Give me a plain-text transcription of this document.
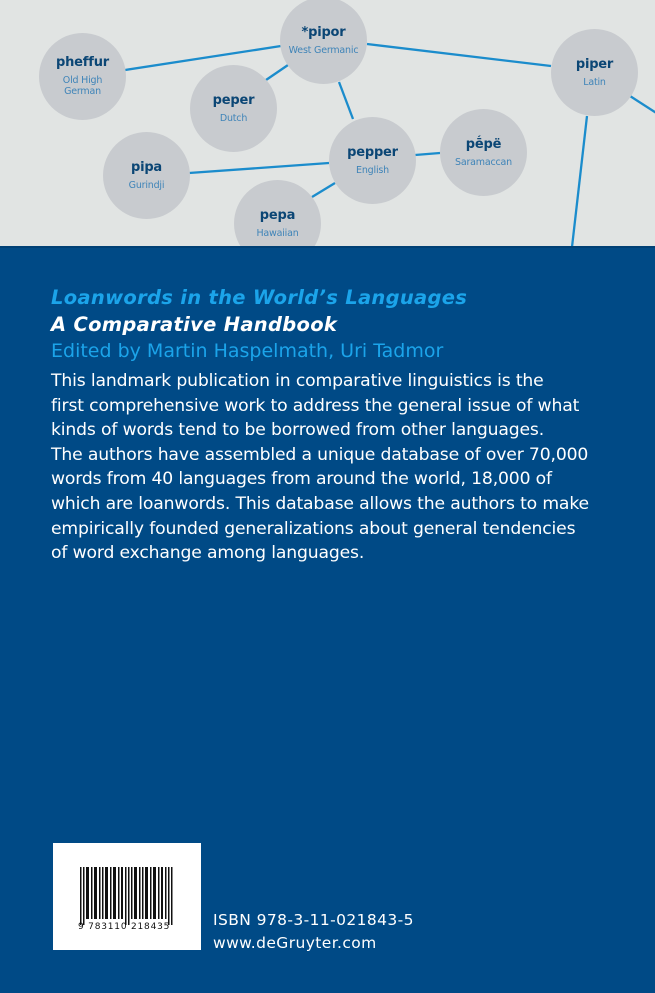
pheffur
Old High
German
*pipor
West Germanic
peper
Dutch
pipa
Gurindji
pepper
English
pḗpë
Saramaccan
pepa
Hawaiian
piper
Latin
Loanwords in the World’s Languages
A Comparative Handbook
Edited by Martin Haspelmath, Uri Tadmor
This landmark publication in comparative linguistics is the
first comprehensive work to address the general issue of what
kinds of words tend to be borrowed from other languages.
The authors have assembled a unique database of over 70,000
words from 40 languages from around the world, 18,000 of
which are loanwords. This database allows the authors to make
empirically founded generalizations about general tendencies
of word exchange among languages.
9 783110 218435	ISBN 978-3-11-021843-5
www.deGruyter.com
